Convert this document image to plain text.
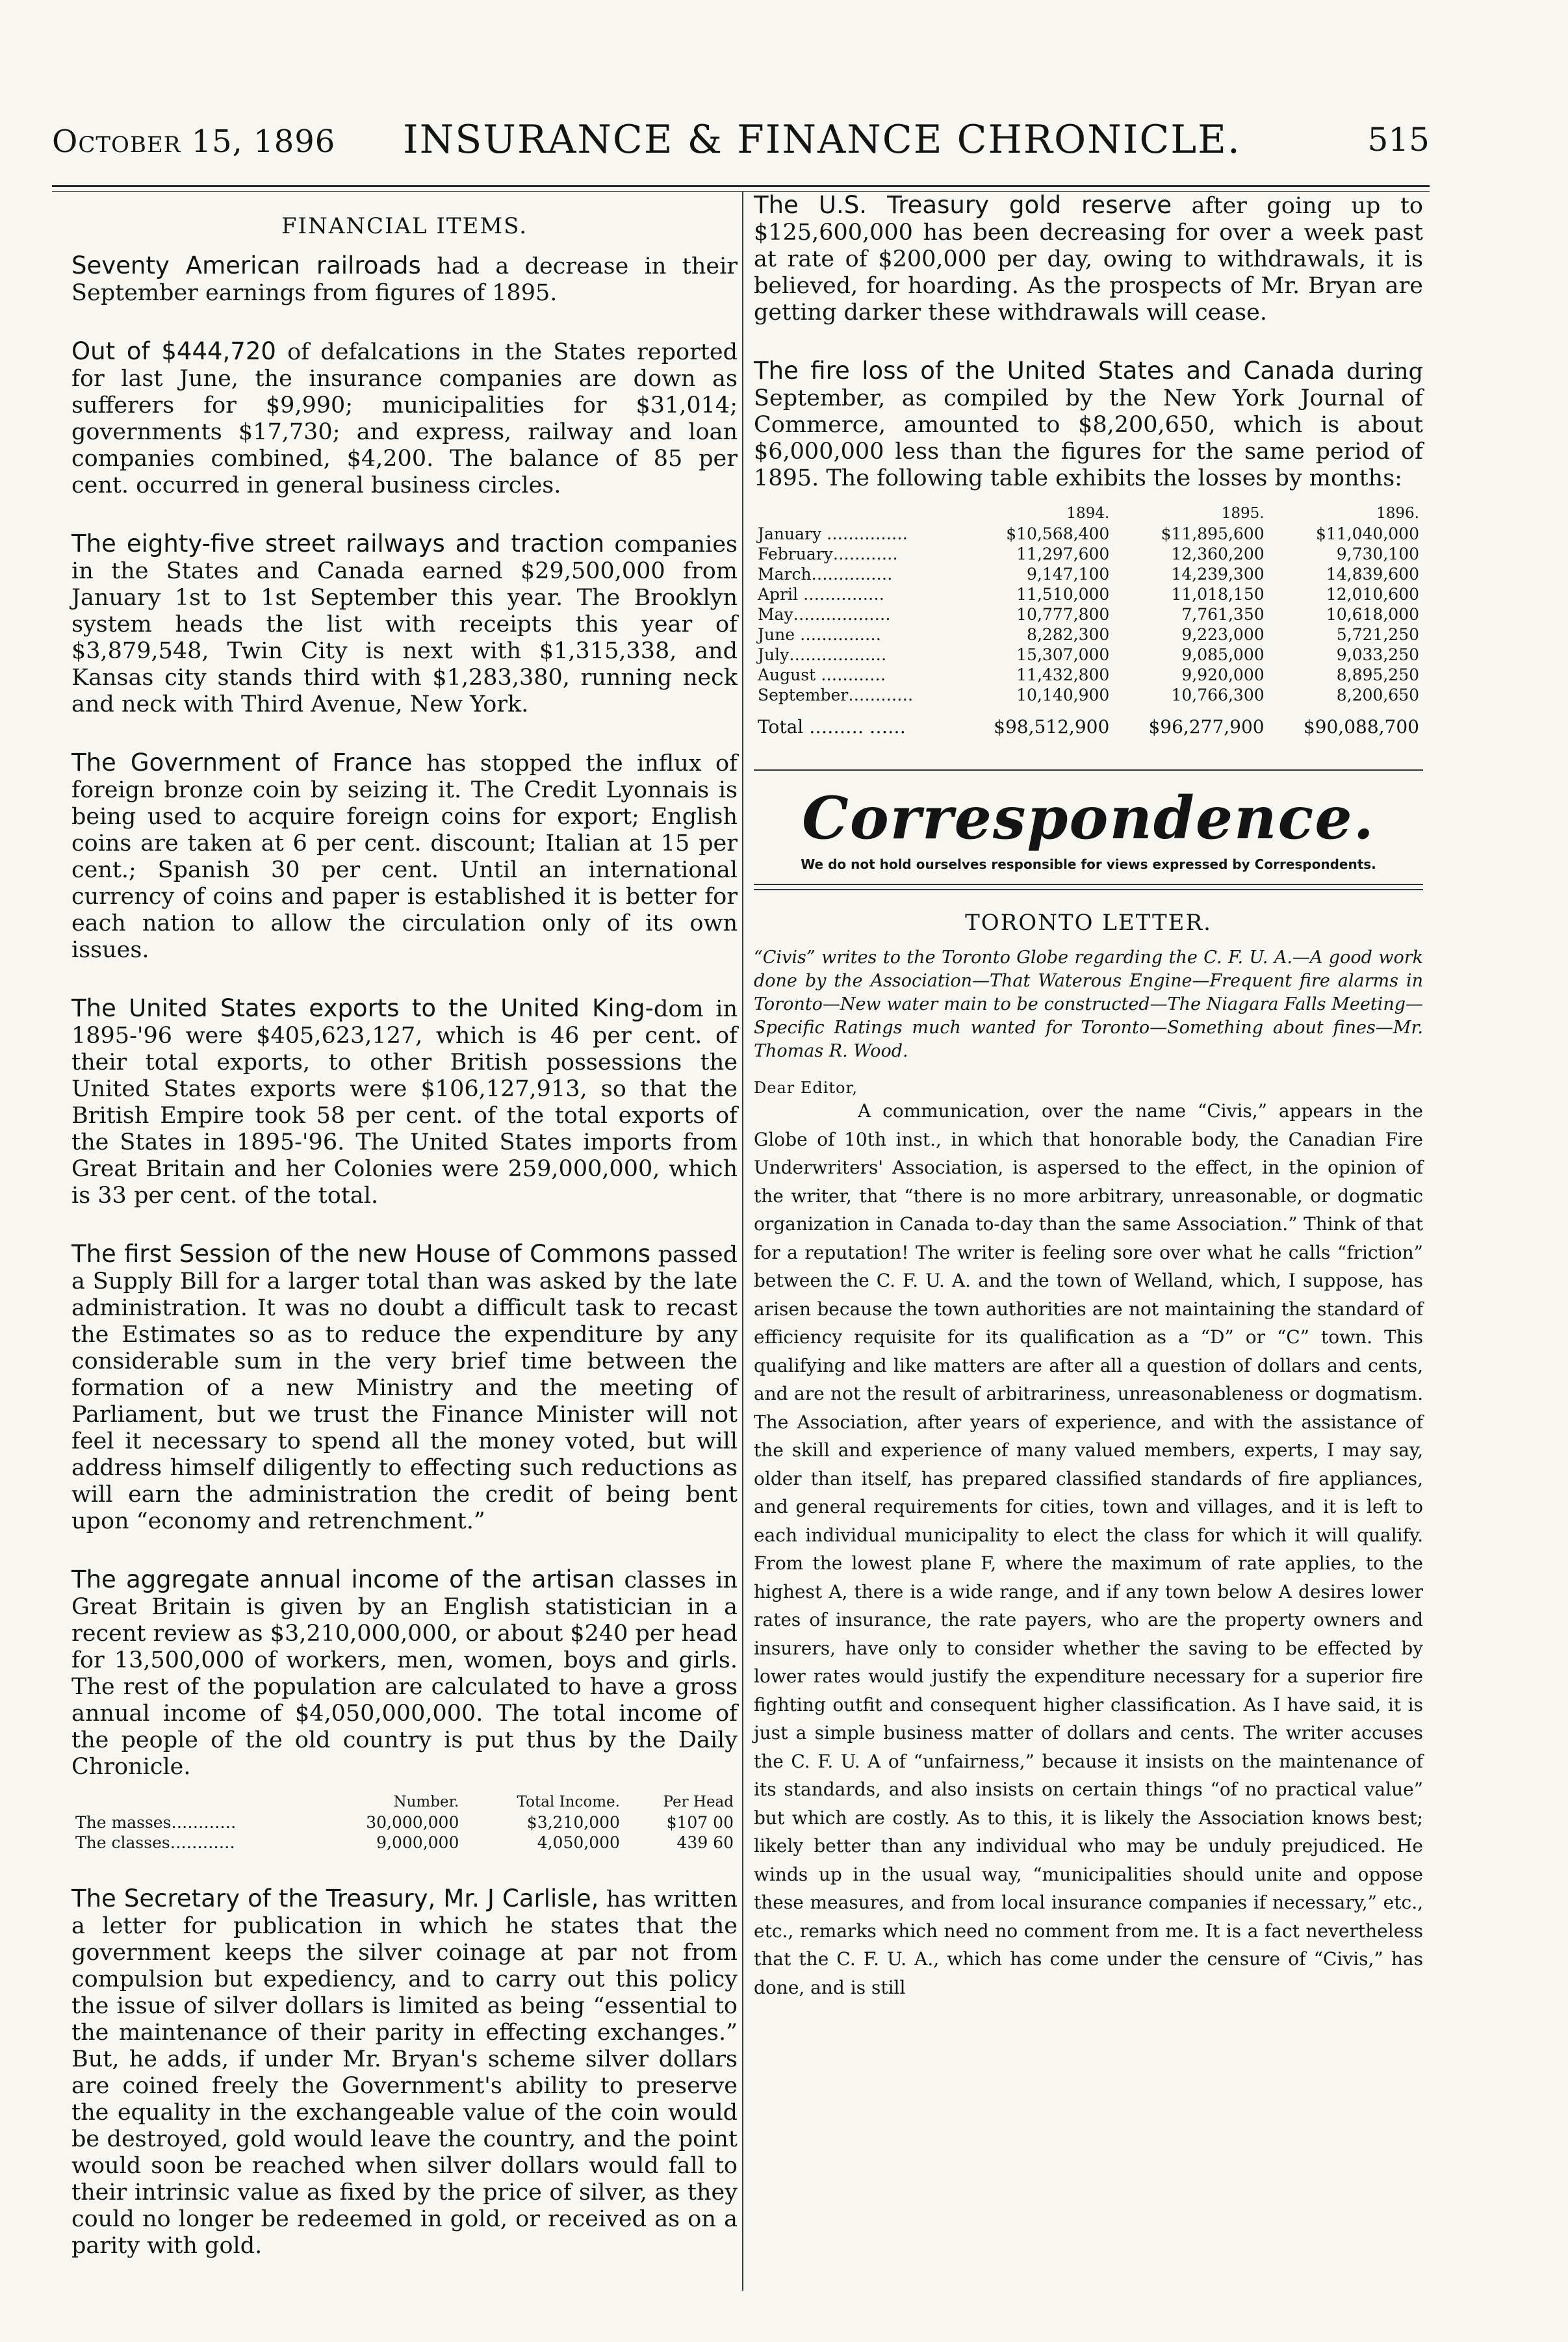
October 15, 1896 INSURANCE & FINANCE CHRONICLE.	515
FINANCIAL ITEMS.

Seventy American railroads had a decrease in their September earnings from figures of 1895.

Out of $444,720 of defalcations in the States reported for last June, the insurance companies are down as sufferers for $9,990; municipalities for $31,014; governments $17,730; and express, railway and loan companies combined, $4,200. The balance of 85 per cent. occurred in general business circles.

The eighty-five street railways and traction companies in the States and Canada earned $29,500,000 from January 1st to 1st September this year. The Brooklyn system heads the list with receipts this year of $3,879,548, Twin City is next with $1,315,338, and Kansas city stands third with $1,283,380, running neck and neck with Third Avenue, New York.

The Government of France has stopped the influx of foreign bronze coin by seizing it. The Credit Lyonnais is being used to acquire foreign coins for export; English coins are taken at 6 per cent. discount; Italian at 15 per cent.; Spanish 30 per cent. Until an international currency of coins and paper is established it is better for each nation to allow the circulation only of its own issues.

The United States exports to the United King-dom in 1895-'96 were $405,623,127, which is 46 per cent. of their total exports, to other British possessions the United States exports were $106,127,913, so that the British Empire took 58 per cent. of the total exports of the States in 1895-'96. The United States imports from Great Britain and her Colonies were 259,000,000, which is 33 per cent. of the total.

The first Session of the new House of Commons passed a Supply Bill for a larger total than was asked by the late administration. It was no doubt a difficult task to recast the Estimates so as to reduce the expenditure by any considerable sum in the very brief time between the formation of a new Ministry and the meeting of Parliament, but we trust the Finance Minister will not feel it necessary to spend all the money voted, but will address himself diligently to effecting such reductions as will earn the administration the credit of being bent upon “economy and retrenchment.”

The aggregate annual income of the artisan classes in Great Britain is given by an English statistician in a recent review as $3,210,000,000, or about $240 per head for 13,500,000 of workers, men, women, boys and girls. The rest of the population are calculated to have a gross annual income of $4,050,000,000. The total income of the people of the old country is put thus by the Daily Chronicle.

	Number.	Total Income.	Per Head
The masses…………	30,000,000	$3,210,000	$107 00
The classes…………	9,000,000	4,050,000	439 60

The Secretary of the Treasury, Mr. J Carlisle, has written a letter for publication in which he states that the government keeps the silver coinage at par not from compulsion but expediency, and to carry out this policy the issue of silver dollars is limited as being “essential to the maintenance of their parity in effecting exchanges.” But, he adds, if under Mr. Bryan's scheme silver dollars are coined freely the Government's ability to preserve the equality in the exchangeable value of the coin would be destroyed, gold would leave the country, and the point would soon be reached when silver dollars would fall to their intrinsic value as fixed by the price of silver, as they could no longer be redeemed in gold, or received as on a parity with gold.

The U.S. Treasury gold reserve after going up to $125,600,000 has been decreasing for over a week past at rate of $200,000 per day, owing to withdrawals, it is believed, for hoarding. As the prospects of Mr. Bryan are getting darker these withdrawals will cease.

The fire loss of the United States and Canada during September, as compiled by the New York Journal of Commerce, amounted to $8,200,650, which is about $6,000,000 less than the figures for the same period of 1895. The following table exhibits the losses by months:

	1894.	1895.	1896.
January ……………	$10,568,400	$11,895,600	$11,040,000
February…………	11,297,600	12,360,200	9,730,100
March……………	9,147,100	14,239,300	14,839,600
April ……………	11,510,000	11,018,150	12,010,600
May………………	10,777,800	7,761,350	10,618,000
June ……………	8,282,300	9,223,000	5,721,250
July………………	15,307,000	9,085,000	9,033,250
August …………	11,432,800	9,920,000	8,895,250
September…………	10,140,900	10,766,300	8,200,650
Total ……… ……	$98,512,900	$96,277,900	$90,088,700
Correspondence.
We do not hold ourselves responsible for views expressed by Correspondents.
TORONTO LETTER.
“Civis” writes to the Toronto Globe regarding the C. F. U. A.—A good work done by the Association—That Waterous Engine—Frequent fire alarms in Toronto—New water main to be constructed—The Niagara Falls Meeting—Specific Ratings much wanted for Toronto—Something about fines—Mr. Thomas R. Wood.
Dear Editor,

A communication, over the name “Civis,” appears in the Globe of 10th inst., in which that honorable body, the Canadian Fire Underwriters' Association, is aspersed to the effect, in the opinion of the writer, that “there is no more arbitrary, unreasonable, or dogmatic organization in Canada to-day than the same Association.” Think of that for a reputation! The writer is feeling sore over what he calls “friction” between the C. F. U. A. and the town of Welland, which, I suppose, has arisen because the town authorities are not maintaining the standard of efficiency requisite for its qualification as a “D” or “C” town. This qualifying and like matters are after all a question of dollars and cents, and are not the result of arbitrariness, unreasonableness or dogmatism. The Association, after years of experience, and with the assistance of the skill and experience of many valued members, experts, I may say, older than itself, has prepared classified standards of fire appliances, and general requirements for cities, town and villages, and it is left to each individual municipality to elect the class for which it will qualify. From the lowest plane F, where the maximum of rate applies, to the highest A, there is a wide range, and if any town below A desires lower rates of insurance, the rate payers, who are the property owners and insurers, have only to consider whether the saving to be effected by lower rates would justify the expenditure necessary for a superior fire fighting outfit and consequent higher classification. As I have said, it is just a simple business matter of dollars and cents. The writer accuses the C. F. U. A of “unfairness,” because it insists on the maintenance of its standards, and also insists on certain things “of no practical value” but which are costly. As to this, it is likely the Association knows best; likely better than any individual who may be unduly prejudiced. He winds up in the usual way, “municipalities should unite and oppose these measures, and from local insurance companies if necessary,” etc., etc., remarks which need no comment from me. It is a fact nevertheless that the C. F. U. A., which has come under the censure of “Civis,” has done, and is still
